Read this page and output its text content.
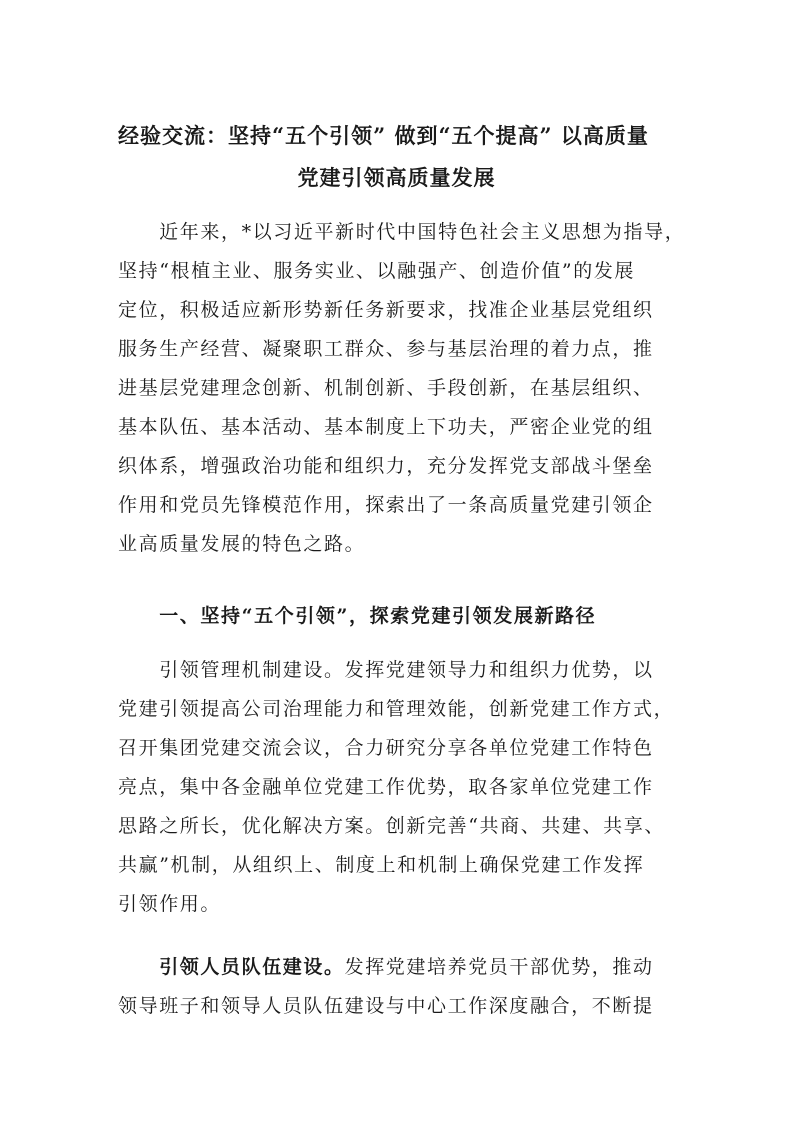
经验交流：坚持“五个引领” 做到“五个提高” 以高质量
党建引领高质量发展
　　近年来，*以习近平新时代中国特色社会主义思想为指导，
坚持“根植主业、服务实业、以融强产、创造价值”的发展
定位，积极适应新形势新任务新要求，找准企业基层党组织
服务生产经营、凝聚职工群众、参与基层治理的着力点，推
进基层党建理念创新、机制创新、手段创新，在基层组织、
基本队伍、基本活动、基本制度上下功夫，严密企业党的组
织体系，增强政治功能和组织力，充分发挥党支部战斗堡垒
作用和党员先锋模范作用，探索出了一条高质量党建引领企
业高质量发展的特色之路。
　　一、坚持“五个引领”，探索党建引领发展新路径
　　引领管理机制建设。发挥党建领导力和组织力优势，以
党建引领提高公司治理能力和管理效能，创新党建工作方式，
召开集团党建交流会议，合力研究分享各单位党建工作特色
亮点，集中各金融单位党建工作优势，取各家单位党建工作
思路之所长，优化解决方案。创新完善“共商、共建、共享、
共赢”机制，从组织上、制度上和机制上确保党建工作发挥
引领作用。
　　引领人员队伍建设。发挥党建培养党员干部优势，推动
领导班子和领导人员队伍建设与中心工作深度融合，不断提
